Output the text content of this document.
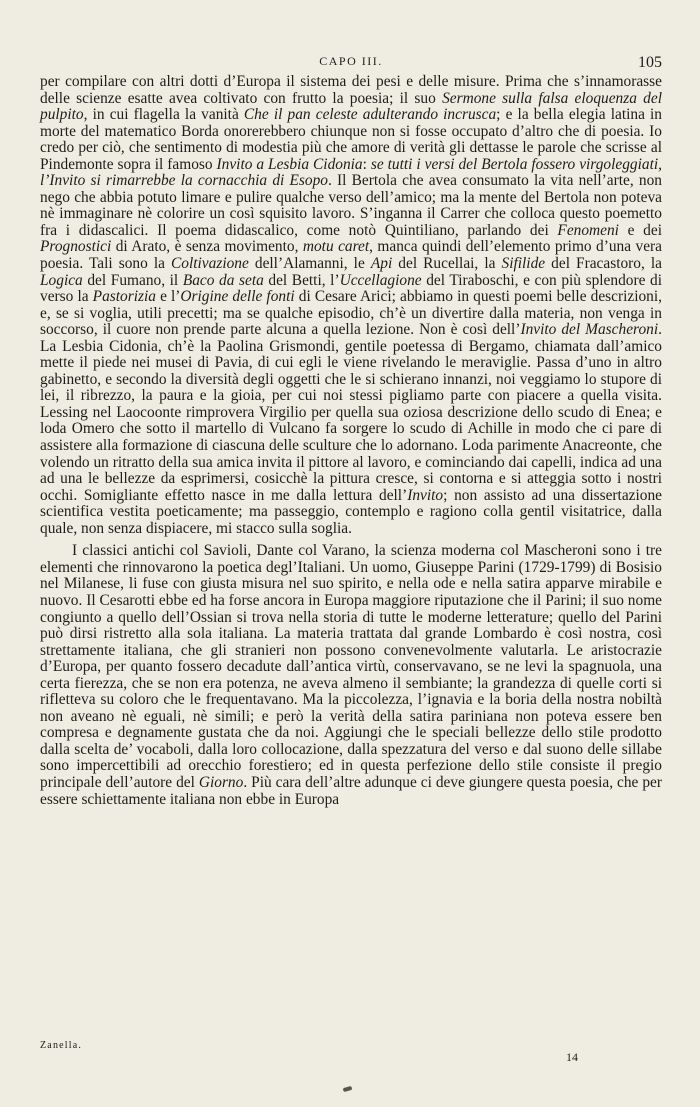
CAPO III.	105

per compilare con altri dotti d’Europa il sistema dei pesi e delle misure. Prima che s’innamorasse delle scienze esatte avea coltivato con frutto la poesia; il suo Sermone sulla falsa eloquenza del pulpito, in cui flagella la vanità Che il pan celeste adulterando incrusca; e la bella elegia latina in morte del matematico Borda onorerebbero chiunque non si fosse occupato d’altro che di poesia. Io credo per ciò, che sentimento di modestia più che amore di verità gli dettasse le parole che scrisse al Pindemonte sopra il famoso Invito a Lesbia Cidonia: se tutti i versi del Bertola fossero virgoleggiati, l’Invito si rimarrebbe la cornacchia di Esopo. Il Bertola che avea consumato la vita nell’arte, non nego che abbia potuto limare e pulire qualche verso dell’amico; ma la mente del Bertola non poteva nè immaginare nè colorire un così squisito lavoro. S’inganna il Carrer che colloca questo poemetto fra i didascalici. Il poema didascalico, come notò Quintiliano, parlando dei Fenomeni e dei Prognostici di Arato, è senza movimento, motu caret, manca quindi dell’elemento primo d’una vera poesia. Tali sono la Coltivazione dell’Alamanni, le Api del Rucellai, la Sifilide del Fracastoro, la Logica del Fumano, il Baco da seta del Betti, l’Uccellagione del Tiraboschi, e con più splendore di verso la Pastorizia e l’Origine delle fonti di Cesare Arici; abbiamo in questi poemi belle descrizioni, e, se si voglia, utili precetti; ma se qualche episodio, ch’è un divertire dalla materia, non venga in soccorso, il cuore non prende parte alcuna a quella lezione. Non è così dell’Invito del Mascheroni. La Lesbia Cidonia, ch’è la Paolina Grismondi, gentile poetessa di Bergamo, chiamata dall’amico mette il piede nei musei di Pavia, di cui egli le viene rivelando le meraviglie. Passa d’uno in altro gabinetto, e secondo la diversità degli oggetti che le si schierano innanzi, noi veggiamo lo stupore di lei, il ribrezzo, la paura e la gioia, per cui noi stessi pigliamo parte con piacere a quella visita. Lessing nel Laocoonte rimprovera Virgilio per quella sua oziosa descrizione dello scudo di Enea; e loda Omero che sotto il martello di Vulcano fa sorgere lo scudo di Achille in modo che ci pare di assistere alla formazione di ciascuna delle sculture che lo adornano. Loda parimente Anacreonte, che volendo un ritratto della sua amica invita il pittore al lavoro, e cominciando dai capelli, indica ad una ad una le bellezze da esprimersi, cosicchè la pittura cresce, si contorna e si atteggia sotto i nostri occhi. Somigliante effetto nasce in me dalla lettura dell’Invito; non assisto ad una dissertazione scientifica vestita poeticamente; ma passeggio, contemplo e ragiono colla gentil visitatrice, dalla quale, non senza dispiacere, mi stacco sulla soglia.

I classici antichi col Savioli, Dante col Varano, la scienza moderna col Mascheroni sono i tre elementi che rinnovarono la poetica degl’Italiani. Un uomo, Giuseppe Parini (1729-1799) di Bosisio nel Milanese, li fuse con giusta misura nel suo spirito, e nella ode e nella satira apparve mirabile e nuovo. Il Cesarotti ebbe ed ha forse ancora in Europa maggiore riputazione che il Parini; il suo nome congiunto a quello dell’Ossian si trova nella storia di tutte le moderne letterature; quello del Parini può dirsi ristretto alla sola italiana. La materia trattata dal grande Lombardo è così nostra, così strettamente italiana, che gli stranieri non possono convenevolmente valutarla. Le aristocrazie d’Europa, per quanto fossero decadute dall’antica virtù, conservavano, se ne levi la spagnuola, una certa fierezza, che se non era potenza, ne aveva almeno il sembiante; la grandezza di quelle corti si rifletteva su coloro che le frequentavano. Ma la piccolezza, l’ignavia e la boria della nostra nobiltà non aveano nè eguali, nè simili; e però la verità della satira pariniana non poteva essere ben compresa e degnamente gustata che da noi. Aggiungi che le speciali bellezze dello stile prodotto dalla scelta de’ vocaboli, dalla loro collocazione, dalla spezzatura del verso e dal suono delle sillabe sono impercettibili ad orecchio forestiero; ed in questa perfezione dello stile consiste il pregio principale dell’autore del Giorno. Più cara dell’altre adunque ci deve giungere questa poesia, che per essere schiettamente italiana non ebbe in Europa

Zanella.
14
